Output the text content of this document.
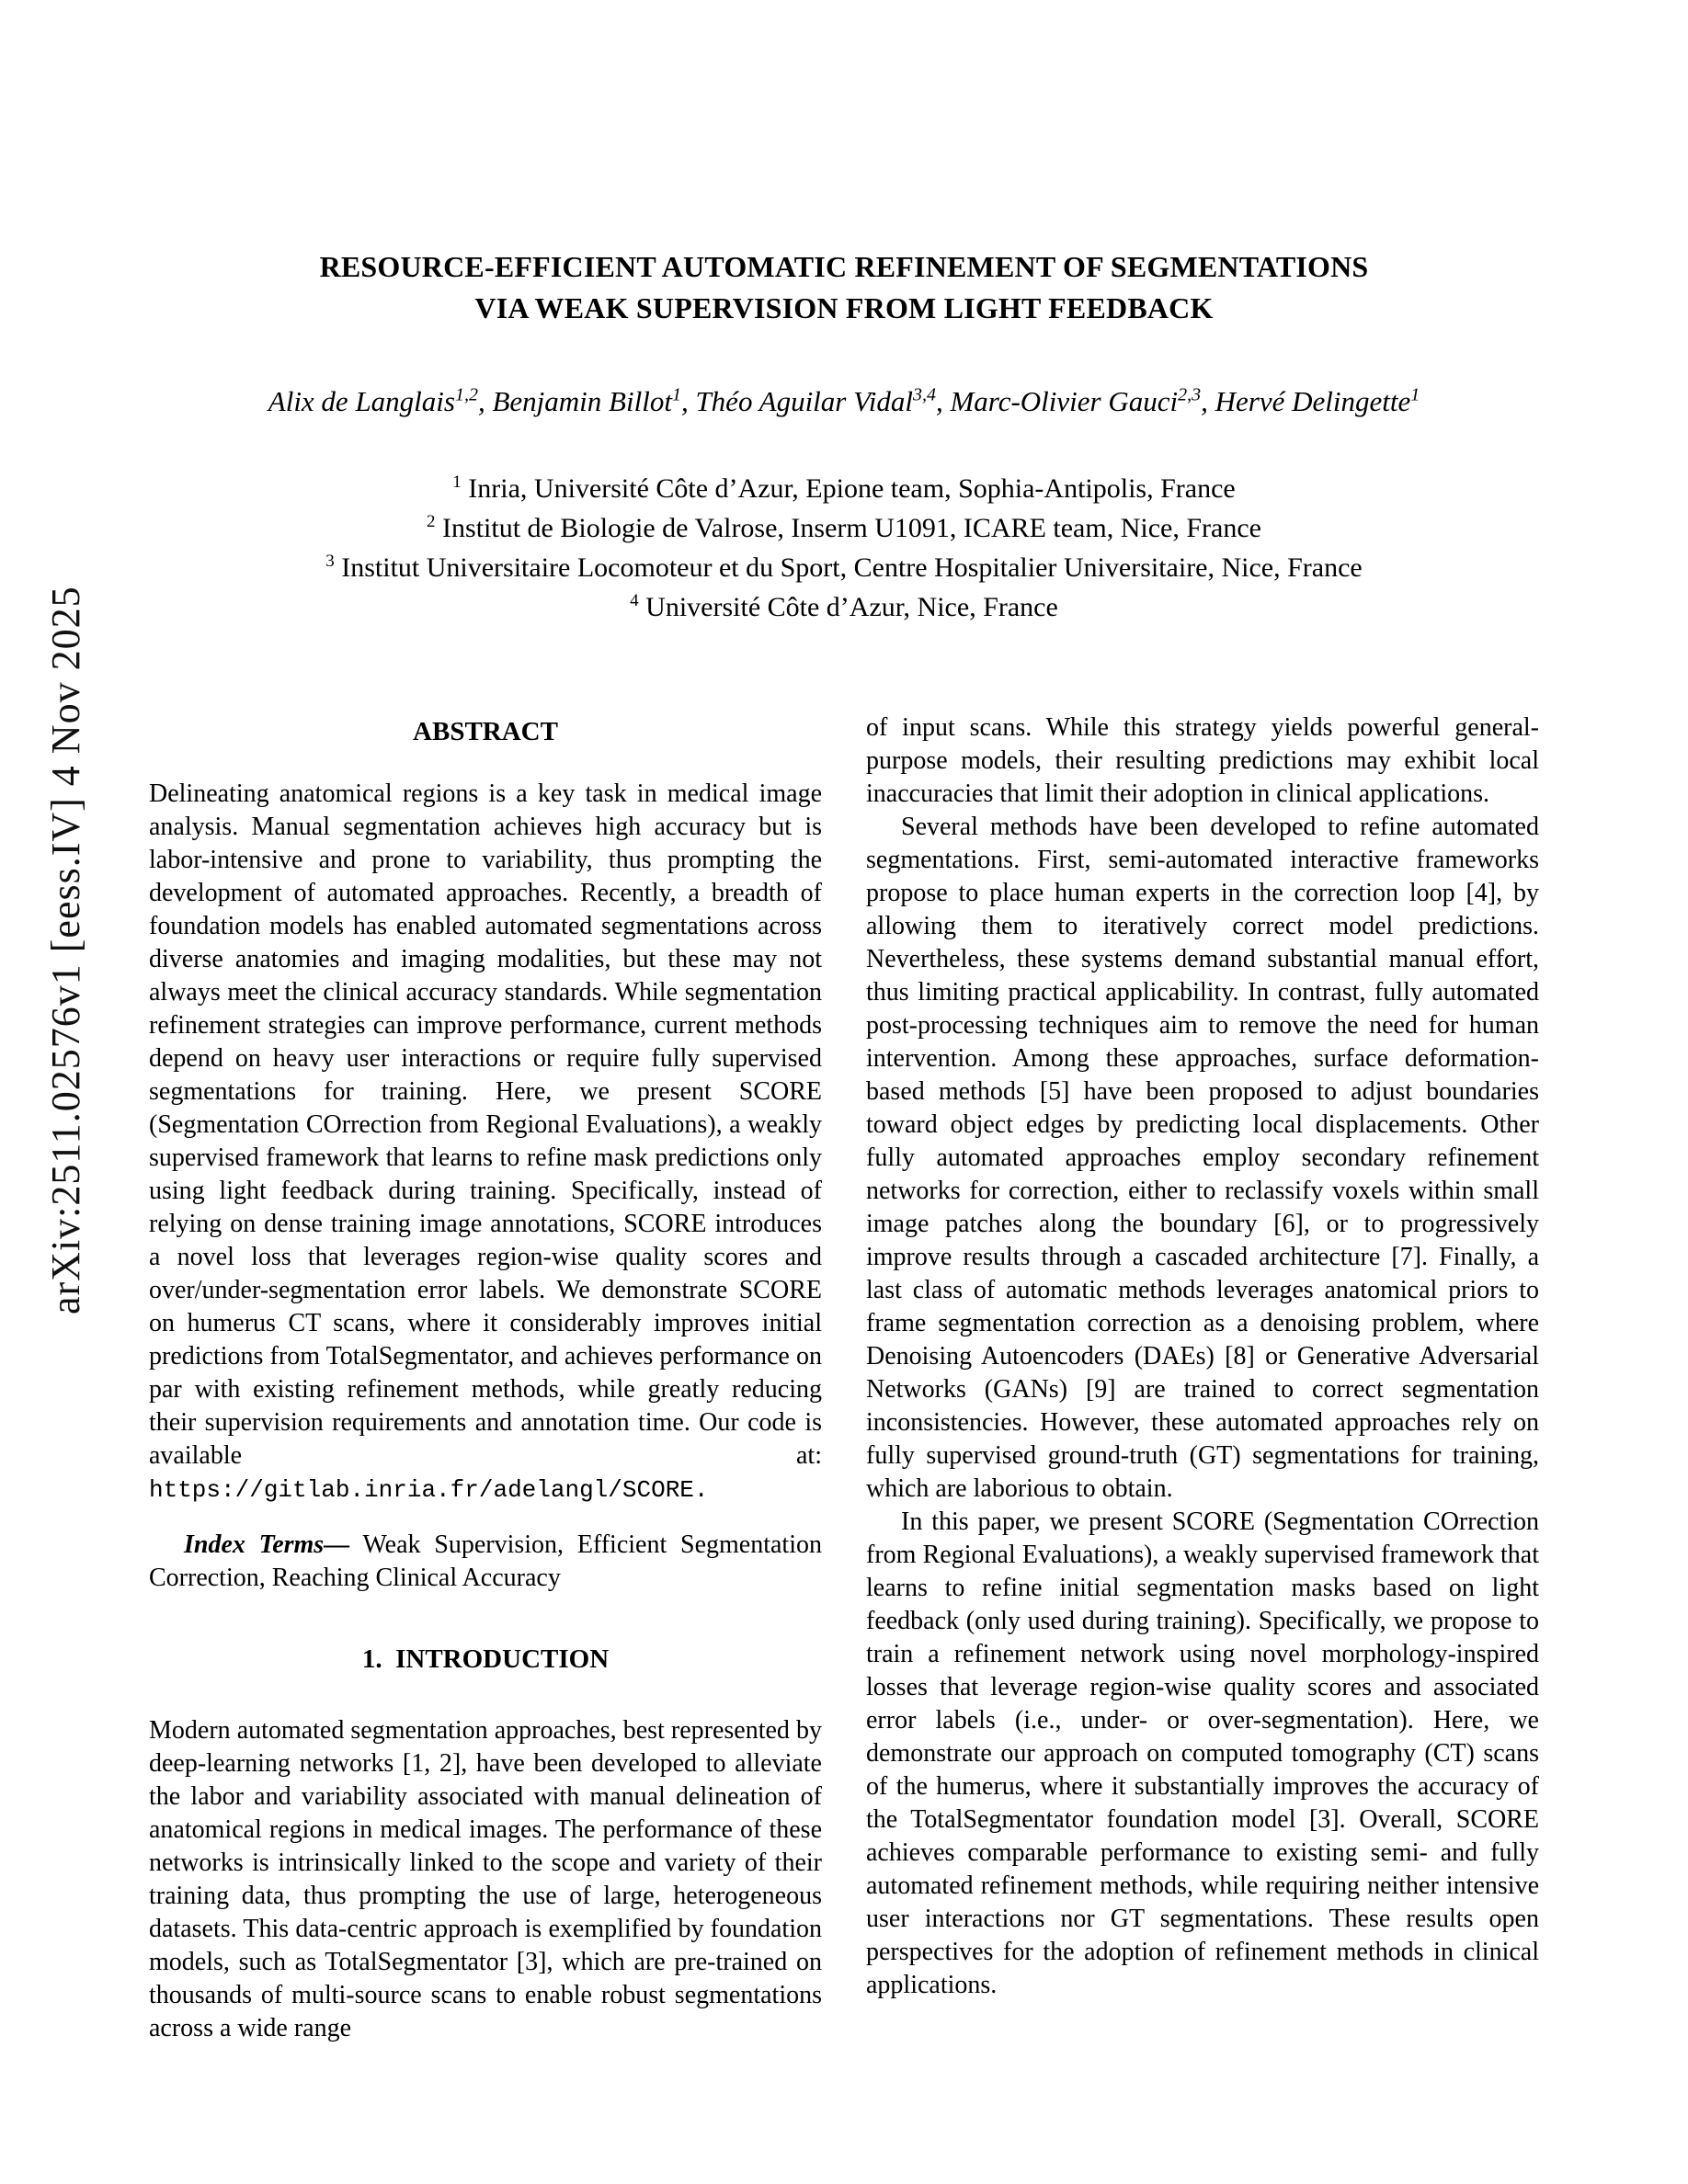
arXiv:2511.02576v1 [eess.IV] 4 Nov 2025
RESOURCE-EFFICIENT AUTOMATIC REFINEMENT OF SEGMENTATIONS
VIA WEAK SUPERVISION FROM LIGHT FEEDBACK
Alix de Langlais$^{1,2}$, Benjamin Billot$^1$, Théo Aguilar Vidal$^{3,4}$, Marc-Olivier Gauci$^{2,3}$, Hervé Delingette$^1$
$^1$ Inria, Université Côte d’Azur, Epione team, Sophia-Antipolis, France
$^2$ Institut de Biologie de Valrose, Inserm U1091, ICARE team, Nice, France
$^3$ Institut Universitaire Locomoteur et du Sport, Centre Hospitalier Universitaire, Nice, France
$^4$ Université Côte d’Azur, Nice, France
ABSTRACT

Delineating anatomical regions is a key task in medical image analysis. Manual segmentation achieves high accuracy but is labor-intensive and prone to variability, thus prompting the development of automated approaches. Recently, a breadth of foundation models has enabled automated segmentations across diverse anatomies and imaging modalities, but these may not always meet the clinical accuracy standards. While segmentation refinement strategies can improve performance, current methods depend on heavy user interactions or require fully supervised segmentations for training. Here, we present SCORE (Segmentation COrrection from Regional Evaluations), a weakly supervised framework that learns to refine mask predictions only using light feedback during training. Specifically, instead of relying on dense training image annotations, SCORE introduces a novel loss that leverages region-wise quality scores and over/under-segmentation error labels. We demonstrate SCORE on humerus CT scans, where it considerably improves initial predictions from TotalSegmentator, and achieves performance on par with existing refinement methods, while greatly reducing their supervision requirements and annotation time. Our code is available at: https://gitlab.inria.fr/adelangl/SCORE.

Index Terms— Weak Supervision, Efficient Segmentation Correction, Reaching Clinical Accuracy

1.  INTRODUCTION

Modern automated segmentation approaches, best represented by deep-learning networks [1, 2], have been developed to alleviate the labor and variability associated with manual delineation of anatomical regions in medical images. The performance of these networks is intrinsically linked to the scope and variety of their training data, thus prompting the use of large, heterogeneous datasets. This data-centric approach is exemplified by foundation models, such as TotalSegmentator [3], which are pre-trained on thousands of multi-source scans to enable robust segmentations across a wide range

of input scans. While this strategy yields powerful general-purpose models, their resulting predictions may exhibit local inaccuracies that limit their adoption in clinical applications.

Several methods have been developed to refine automated segmentations. First, semi-automated interactive frameworks propose to place human experts in the correction loop [4], by allowing them to iteratively correct model predictions. Nevertheless, these systems demand substantial manual effort, thus limiting practical applicability. In contrast, fully automated post-processing techniques aim to remove the need for human intervention. Among these approaches, surface deformation-based methods [5] have been proposed to adjust boundaries toward object edges by predicting local displacements. Other fully automated approaches employ secondary refinement networks for correction, either to reclassify voxels within small image patches along the boundary [6], or to progressively improve results through a cascaded architecture [7]. Finally, a last class of automatic methods leverages anatomical priors to frame segmentation correction as a denoising problem, where Denoising Autoencoders (DAEs) [8] or Generative Adversarial Networks (GANs) [9] are trained to correct segmentation inconsistencies. However, these automated approaches rely on fully supervised ground-truth (GT) segmentations for training, which are laborious to obtain.

In this paper, we present SCORE (Segmentation COrrection from Regional Evaluations), a weakly supervised framework that learns to refine initial segmentation masks based on light feedback (only used during training). Specifically, we propose to train a refinement network using novel morphology-inspired losses that leverage region-wise quality scores and associated error labels (i.e., under- or over-segmentation). Here, we demonstrate our approach on computed tomography (CT) scans of the humerus, where it substantially improves the accuracy of the TotalSegmentator foundation model [3]. Overall, SCORE achieves comparable performance to existing semi- and fully automated refinement methods, while requiring neither intensive user interactions nor GT segmentations. These results open perspectives for the adoption of refinement methods in clinical applications.
